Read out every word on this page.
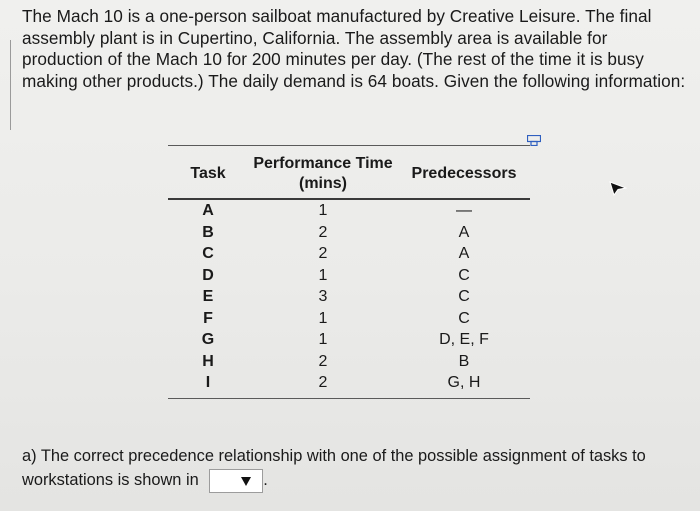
The Mach 10 is a one-person sailboat manufactured by Creative Leisure. The final assembly plant is in Cupertino, California. The assembly area is available for production of the Mach 10 for 200 minutes per day. (The rest of the time it is busy making other products.) The daily demand is 64 boats. Given the following information:

Task	Performance Time (mins)	Predecessors
A	1	—
B	2	A
C	2	A
D	1	C
E	3	C
F	1	C
G	1	D, E, F
H	2	B
I	2	G, H

a) The correct precedence relationship with one of the possible assignment of tasks to workstations is shown in	.
